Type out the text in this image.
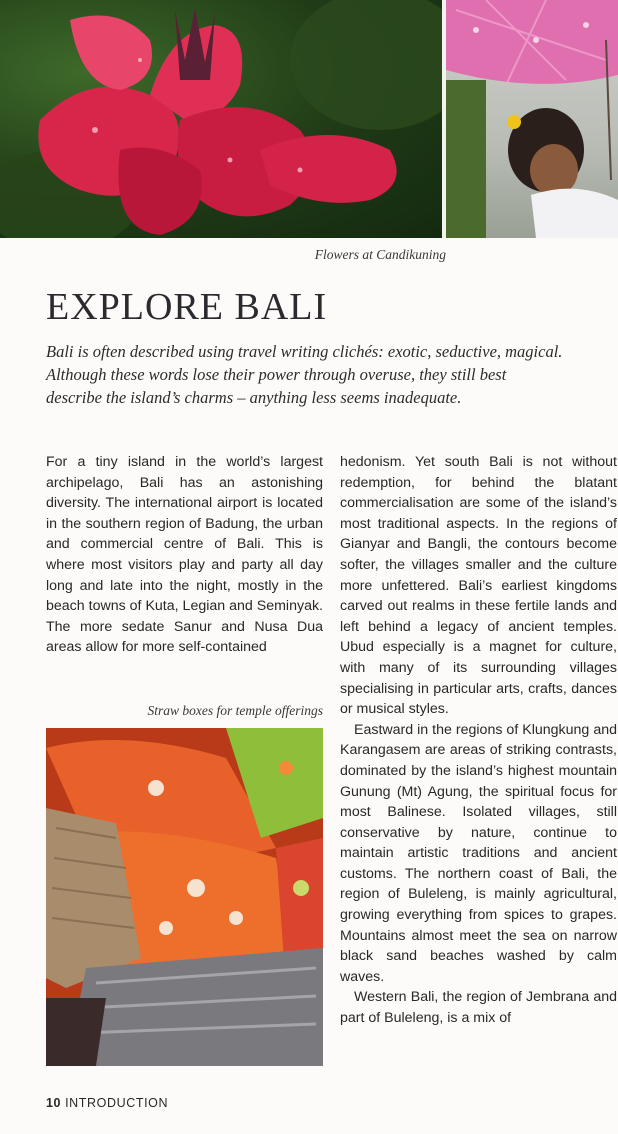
Flowers at Candikuning
EXPLORE BALI

Bali is often described using travel writing clichés: exotic, seductive, magical. Although these words lose their power through overuse, they still best describe the island’s charms – anything less seems inadequate.

For a tiny island in the world’s largest archipelago, Bali has an astonishing diversity. The international airport is located in the southern region of Badung, the urban and commercial centre of Bali. This is where most visitors play and party all day long and late into the night, mostly in the beach towns of Kuta, Legian and Seminyak. The more sedate Sanur and Nusa Dua areas allow for more self-contained

Straw boxes for temple offerings

hedonism. Yet south Bali is not without redemption, for behind the blatant commercialisation are some of the island’s most traditional aspects. In the regions of Gianyar and Bangli, the contours become softer, the villages smaller and the culture more unfettered. Bali’s earliest kingdoms carved out realms in these fertile lands and left behind a legacy of ancient temples. Ubud especially is a magnet for culture, with many of its surrounding villages specialising in particular arts, crafts, dances or musical styles.

Eastward in the regions of Klungkung and Karangasem are areas of striking contrasts, dominated by the island’s highest mountain Gunung (Mt) Agung, the spiritual focus for most Balinese. Isolated villages, still conservative by nature, continue to maintain artistic traditions and ancient customs. The northern coast of Bali, the region of Buleleng, is mainly agricultural, growing everything from spices to grapes. Mountains almost meet the sea on narrow black sand beaches washed by calm waves.

Western Bali, the region of Jembrana and part of Buleleng, is a mix of

10 INTRODUCTION
